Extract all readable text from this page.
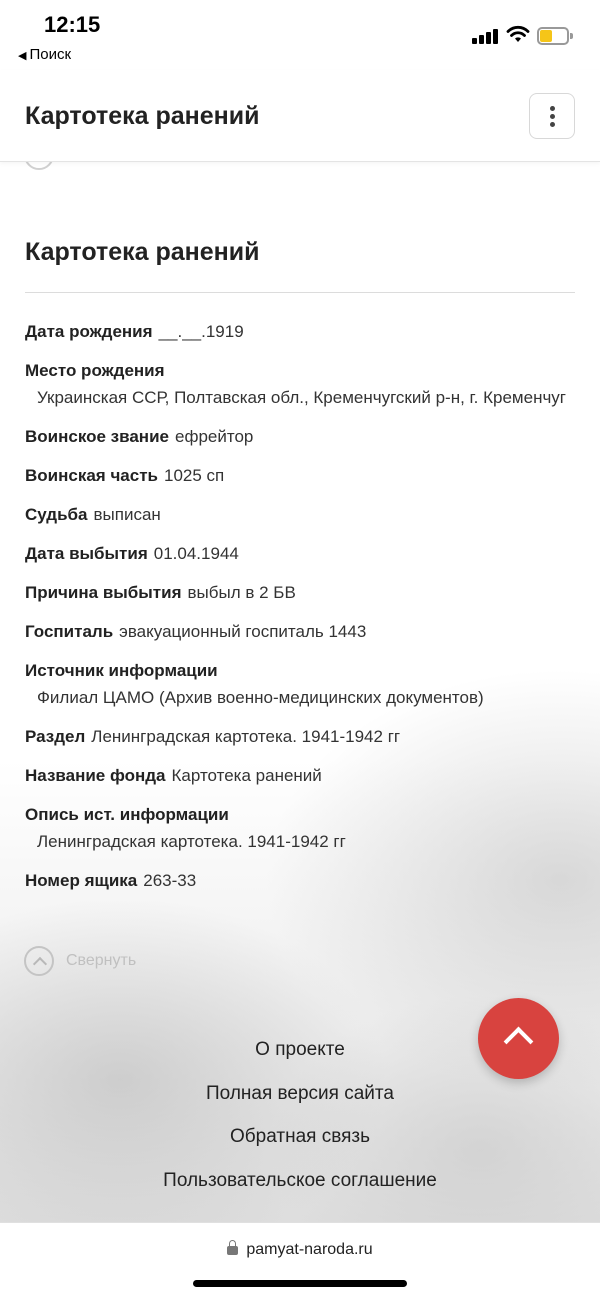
12:15
◀ Поиск
Картотека ранений
Картотека ранений
Дата рождения __.__.1919
Место рождения
Украинская ССР, Полтавская обл., Кременчугский р-н, г. Кременчуг
Воинское звание ефрейтор
Воинская часть 1025 сп
Судьба выписан
Дата выбытия 01.04.1944
Причина выбытия выбыл в 2 БВ
Госпиталь эвакуационный госпиталь 1443
Источник информации
Филиал ЦАМО (Архив военно-медицинских документов)
Раздел Ленинградская картотека. 1941-1942 гг
Название фонда Картотека ранений
Опись ист. информации
Ленинградская картотека. 1941-1942 гг
Номер ящика 263-33
Свернуть
О проекте
Полная версия сайта
Обратная связь
Пользовательское соглашение
pamyat-naroda.ru
